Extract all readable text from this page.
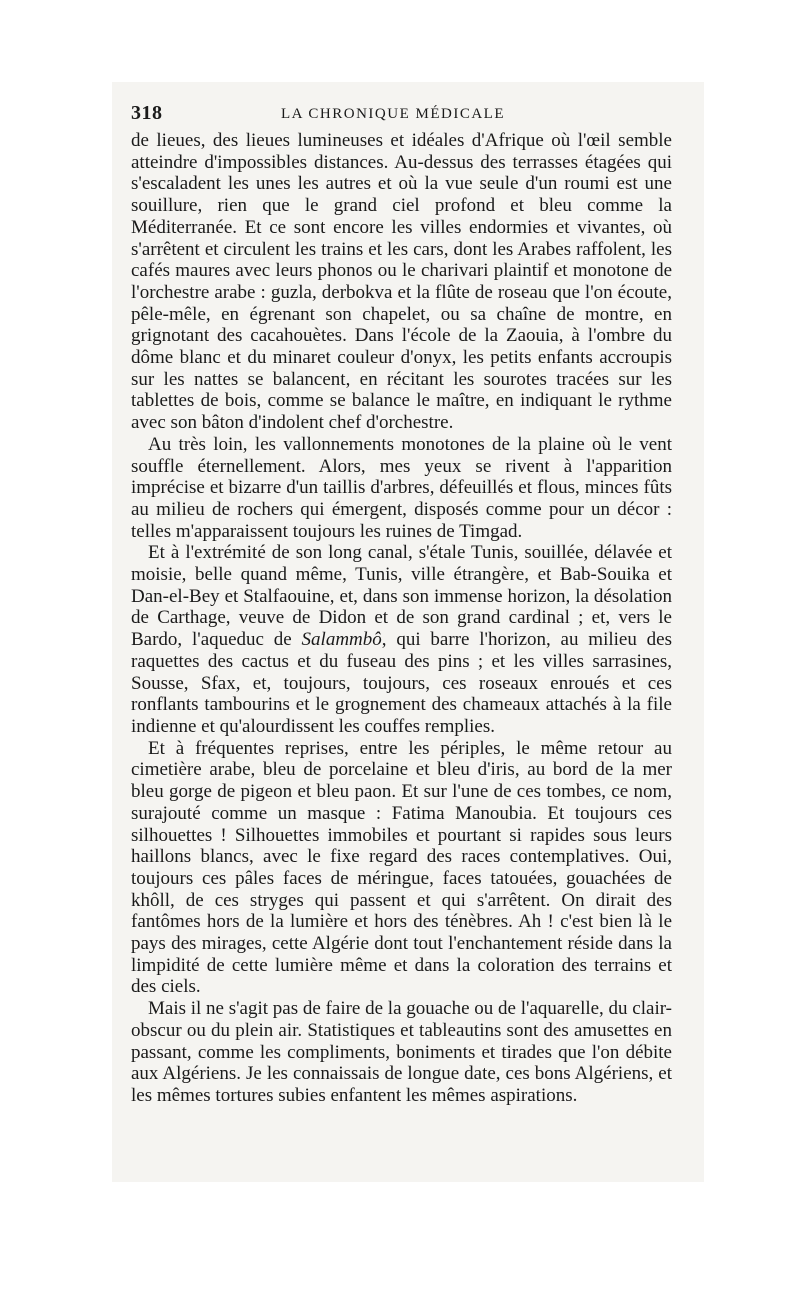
318	LA CHRONIQUE MÉDICALE

de lieues, des lieues lumineuses et idéales d'Afrique où l'œil semble atteindre d'impossibles distances. Au-dessus des terrasses étagées qui s'escaladent les unes les autres et où la vue seule d'un roumi est une souillure, rien que le grand ciel profond et bleu comme la Méditerranée. Et ce sont encore les villes endormies et vivantes, où s'arrêtent et circulent les trains et les cars, dont les Arabes raffolent, les cafés maures avec leurs phonos ou le charivari plaintif et monotone de l'orchestre arabe : guzla, derbokva et la flûte de roseau que l'on écoute, pêle-mêle, en égrenant son chapelet, ou sa chaîne de montre, en grignotant des cacahouètes. Dans l'école de la Zaouia, à l'ombre du dôme blanc et du minaret couleur d'onyx, les petits enfants accroupis sur les nattes se balancent, en récitant les sourotes tracées sur les tablettes de bois, comme se balance le maître, en indiquant le rythme avec son bâton d'indolent chef d'orchestre.

Au très loin, les vallonnements monotones de la plaine où le vent souffle éternellement. Alors, mes yeux se rivent à l'apparition imprécise et bizarre d'un taillis d'arbres, défeuillés et flous, minces fûts au milieu de rochers qui émergent, disposés comme pour un décor : telles m'apparaissent toujours les ruines de Timgad.

Et à l'extrémité de son long canal, s'étale Tunis, souillée, délavée et moisie, belle quand même, Tunis, ville étrangère, et Bab-Souika et Dan-el-Bey et Stalfaouine, et, dans son immense horizon, la désolation de Carthage, veuve de Didon et de son grand cardinal ; et, vers le Bardo, l'aqueduc de Salammbô, qui barre l'horizon, au milieu des raquettes des cactus et du fuseau des pins ; et les villes sarrasines, Sousse, Sfax, et, toujours, toujours, ces roseaux enroués et ces ronflants tambourins et le grognement des chameaux attachés à la file indienne et qu'alourdissent les couffes remplies.

Et à fréquentes reprises, entre les périples, le même retour au cimetière arabe, bleu de porcelaine et bleu d'iris, au bord de la mer bleu gorge de pigeon et bleu paon. Et sur l'une de ces tombes, ce nom, surajouté comme un masque : Fatima Manoubia. Et toujours ces silhouettes ! Silhouettes immobiles et pourtant si rapides sous leurs haillons blancs, avec le fixe regard des races contemplatives. Oui, toujours ces pâles faces de méringue, faces tatouées, gouachées de khôll, de ces stryges qui passent et qui s'arrêtent. On dirait des fantômes hors de la lumière et hors des ténèbres. Ah ! c'est bien là le pays des mirages, cette Algérie dont tout l'enchantement réside dans la limpidité de cette lumière même et dans la coloration des terrains et des ciels.

Mais il ne s'agit pas de faire de la gouache ou de l'aquarelle, du clair-obscur ou du plein air. Statistiques et tableautins sont des amusettes en passant, comme les compliments, boniments et tirades que l'on débite aux Algériens. Je les connaissais de longue date, ces bons Algériens, et les mêmes tortures subies enfantent les mêmes aspirations.
